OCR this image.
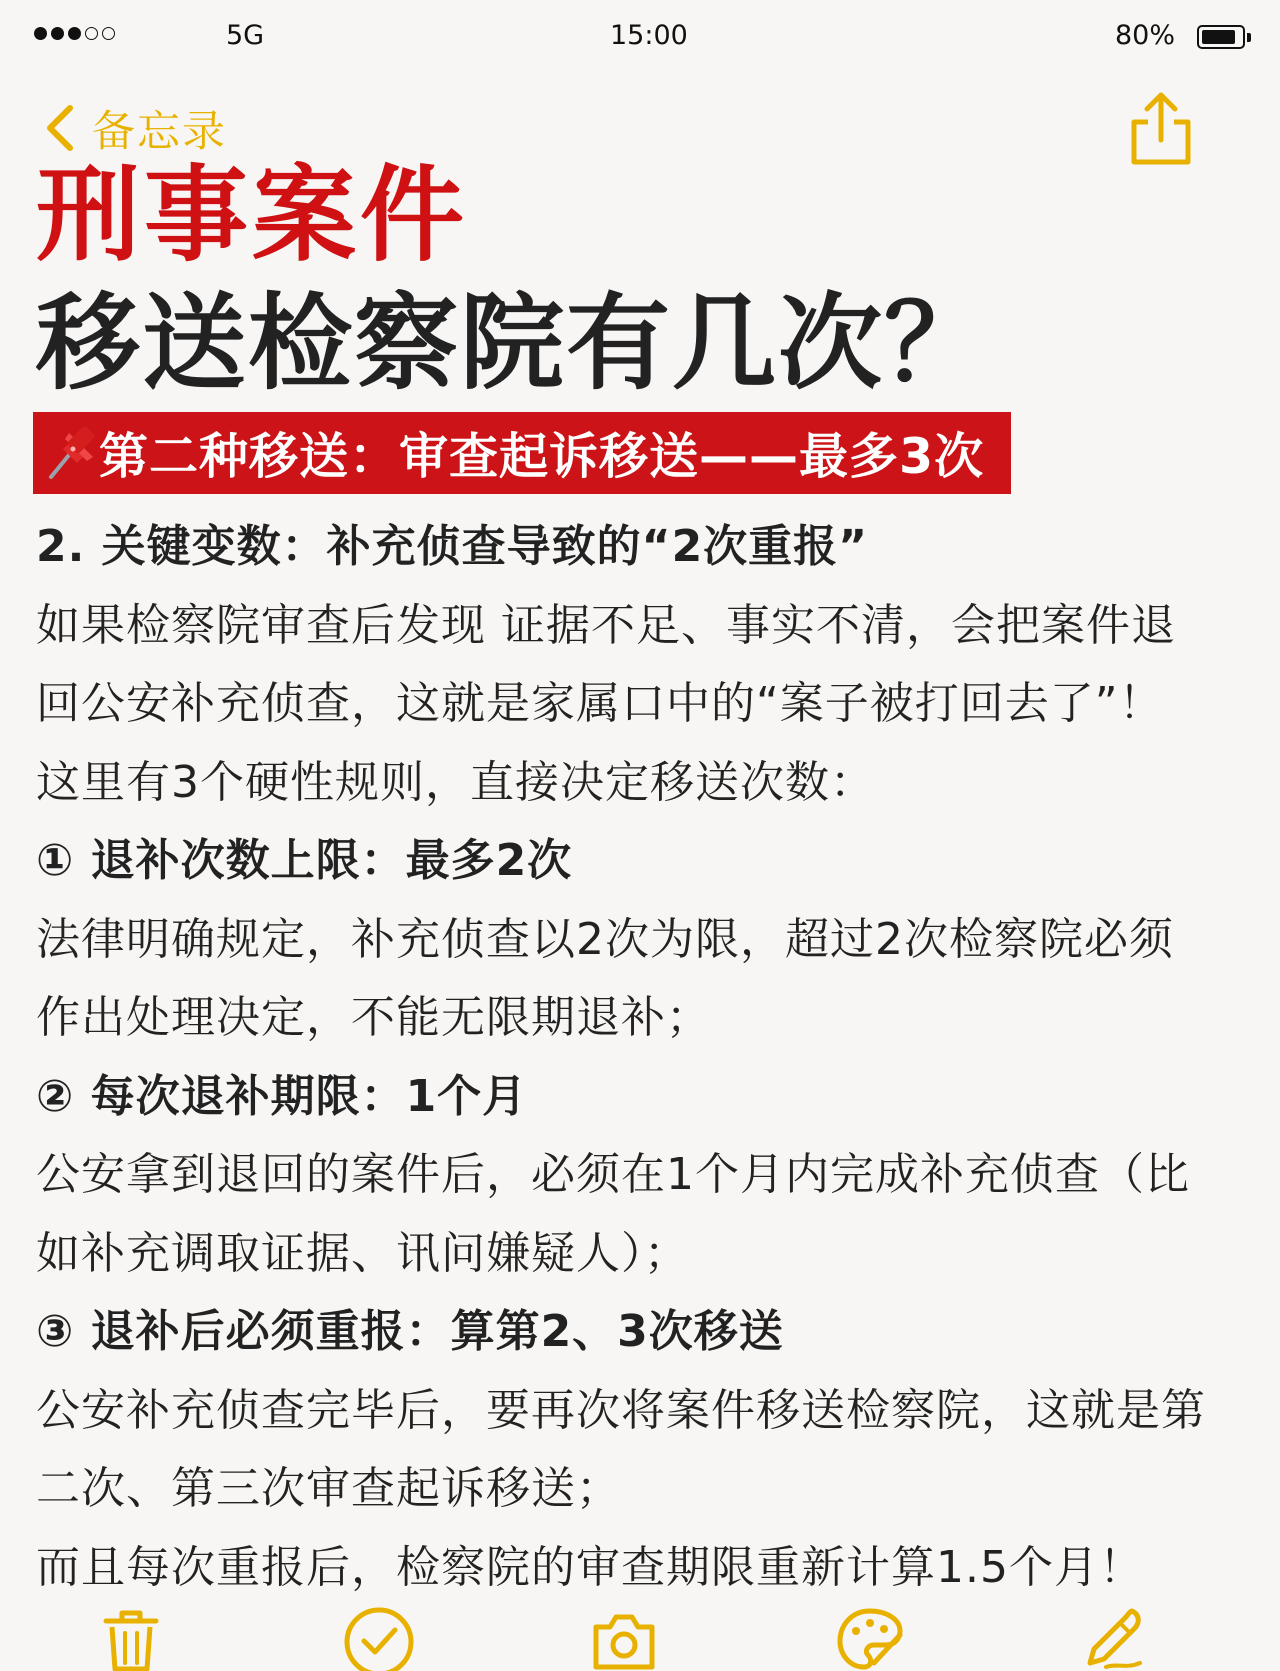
5G	15:00	80%
备忘录
刑事案件
移送检察院有几次？
第二种移送：审查起诉移送——最多3次
2. 关键变数：补充侦查导致的“2次重报”
如果检察院审查后发现 证据不足、事实不清，会把案件退
回公安补充侦查，这就是家属口中的“案子被打回去了”！
这里有3个硬性规则，直接决定移送次数：
① 退补次数上限：最多2次
法律明确规定，补充侦查以2次为限，超过2次检察院必须
作出处理决定，不能无限期退补；
② 每次退补期限：1个月
公安拿到退回的案件后，必须在1个月内完成补充侦查（比
如补充调取证据、讯问嫌疑人）；
③ 退补后必须重报：算第2、3次移送
公安补充侦查完毕后，要再次将案件移送检察院，这就是第
二次、第三次审查起诉移送；
而且每次重报后，检察院的审查期限重新计算1.5个月！
